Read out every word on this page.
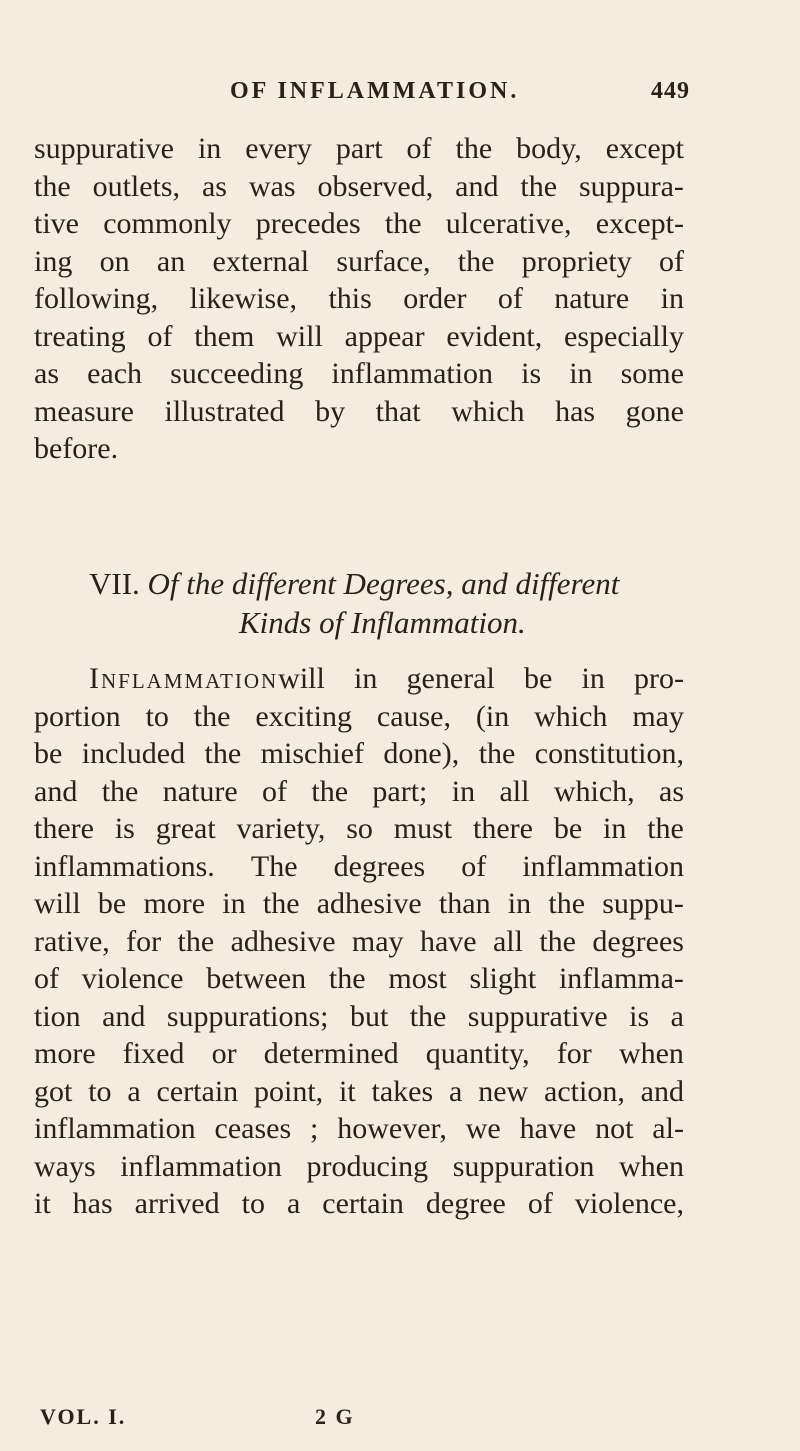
OF INFLAMMATION.	449
suppurative in every part of the body, except
the outlets, as was observed, and the suppura-
tive commonly precedes the ulcerative, except-
ing on an external surface, the propriety of
following, likewise, this order of nature in
treating of them will appear evident, especially
as each succeeding inflammation is in some
measure illustrated by that which has gone
before.
VII. Of the different Degrees, and different
Kinds of Inflammation.
Inflammation will in general be in pro-
portion to the exciting cause, (in which may
be included the mischief done), the constitution,
and the nature of the part; in all which, as
there is great variety, so must there be in the
inflammations. The degrees of inflammation
will be more in the adhesive than in the suppu-
rative, for the adhesive may have all the degrees
of violence between the most slight inflamma-
tion and suppurations; but the suppurative is a
more fixed or determined quantity, for when
got to a certain point, it takes a new action, and
inflammation ceases ; however, we have not al-
ways inflammation producing suppuration when
it has arrived to a certain degree of violence,
VOL. I.	2 G
